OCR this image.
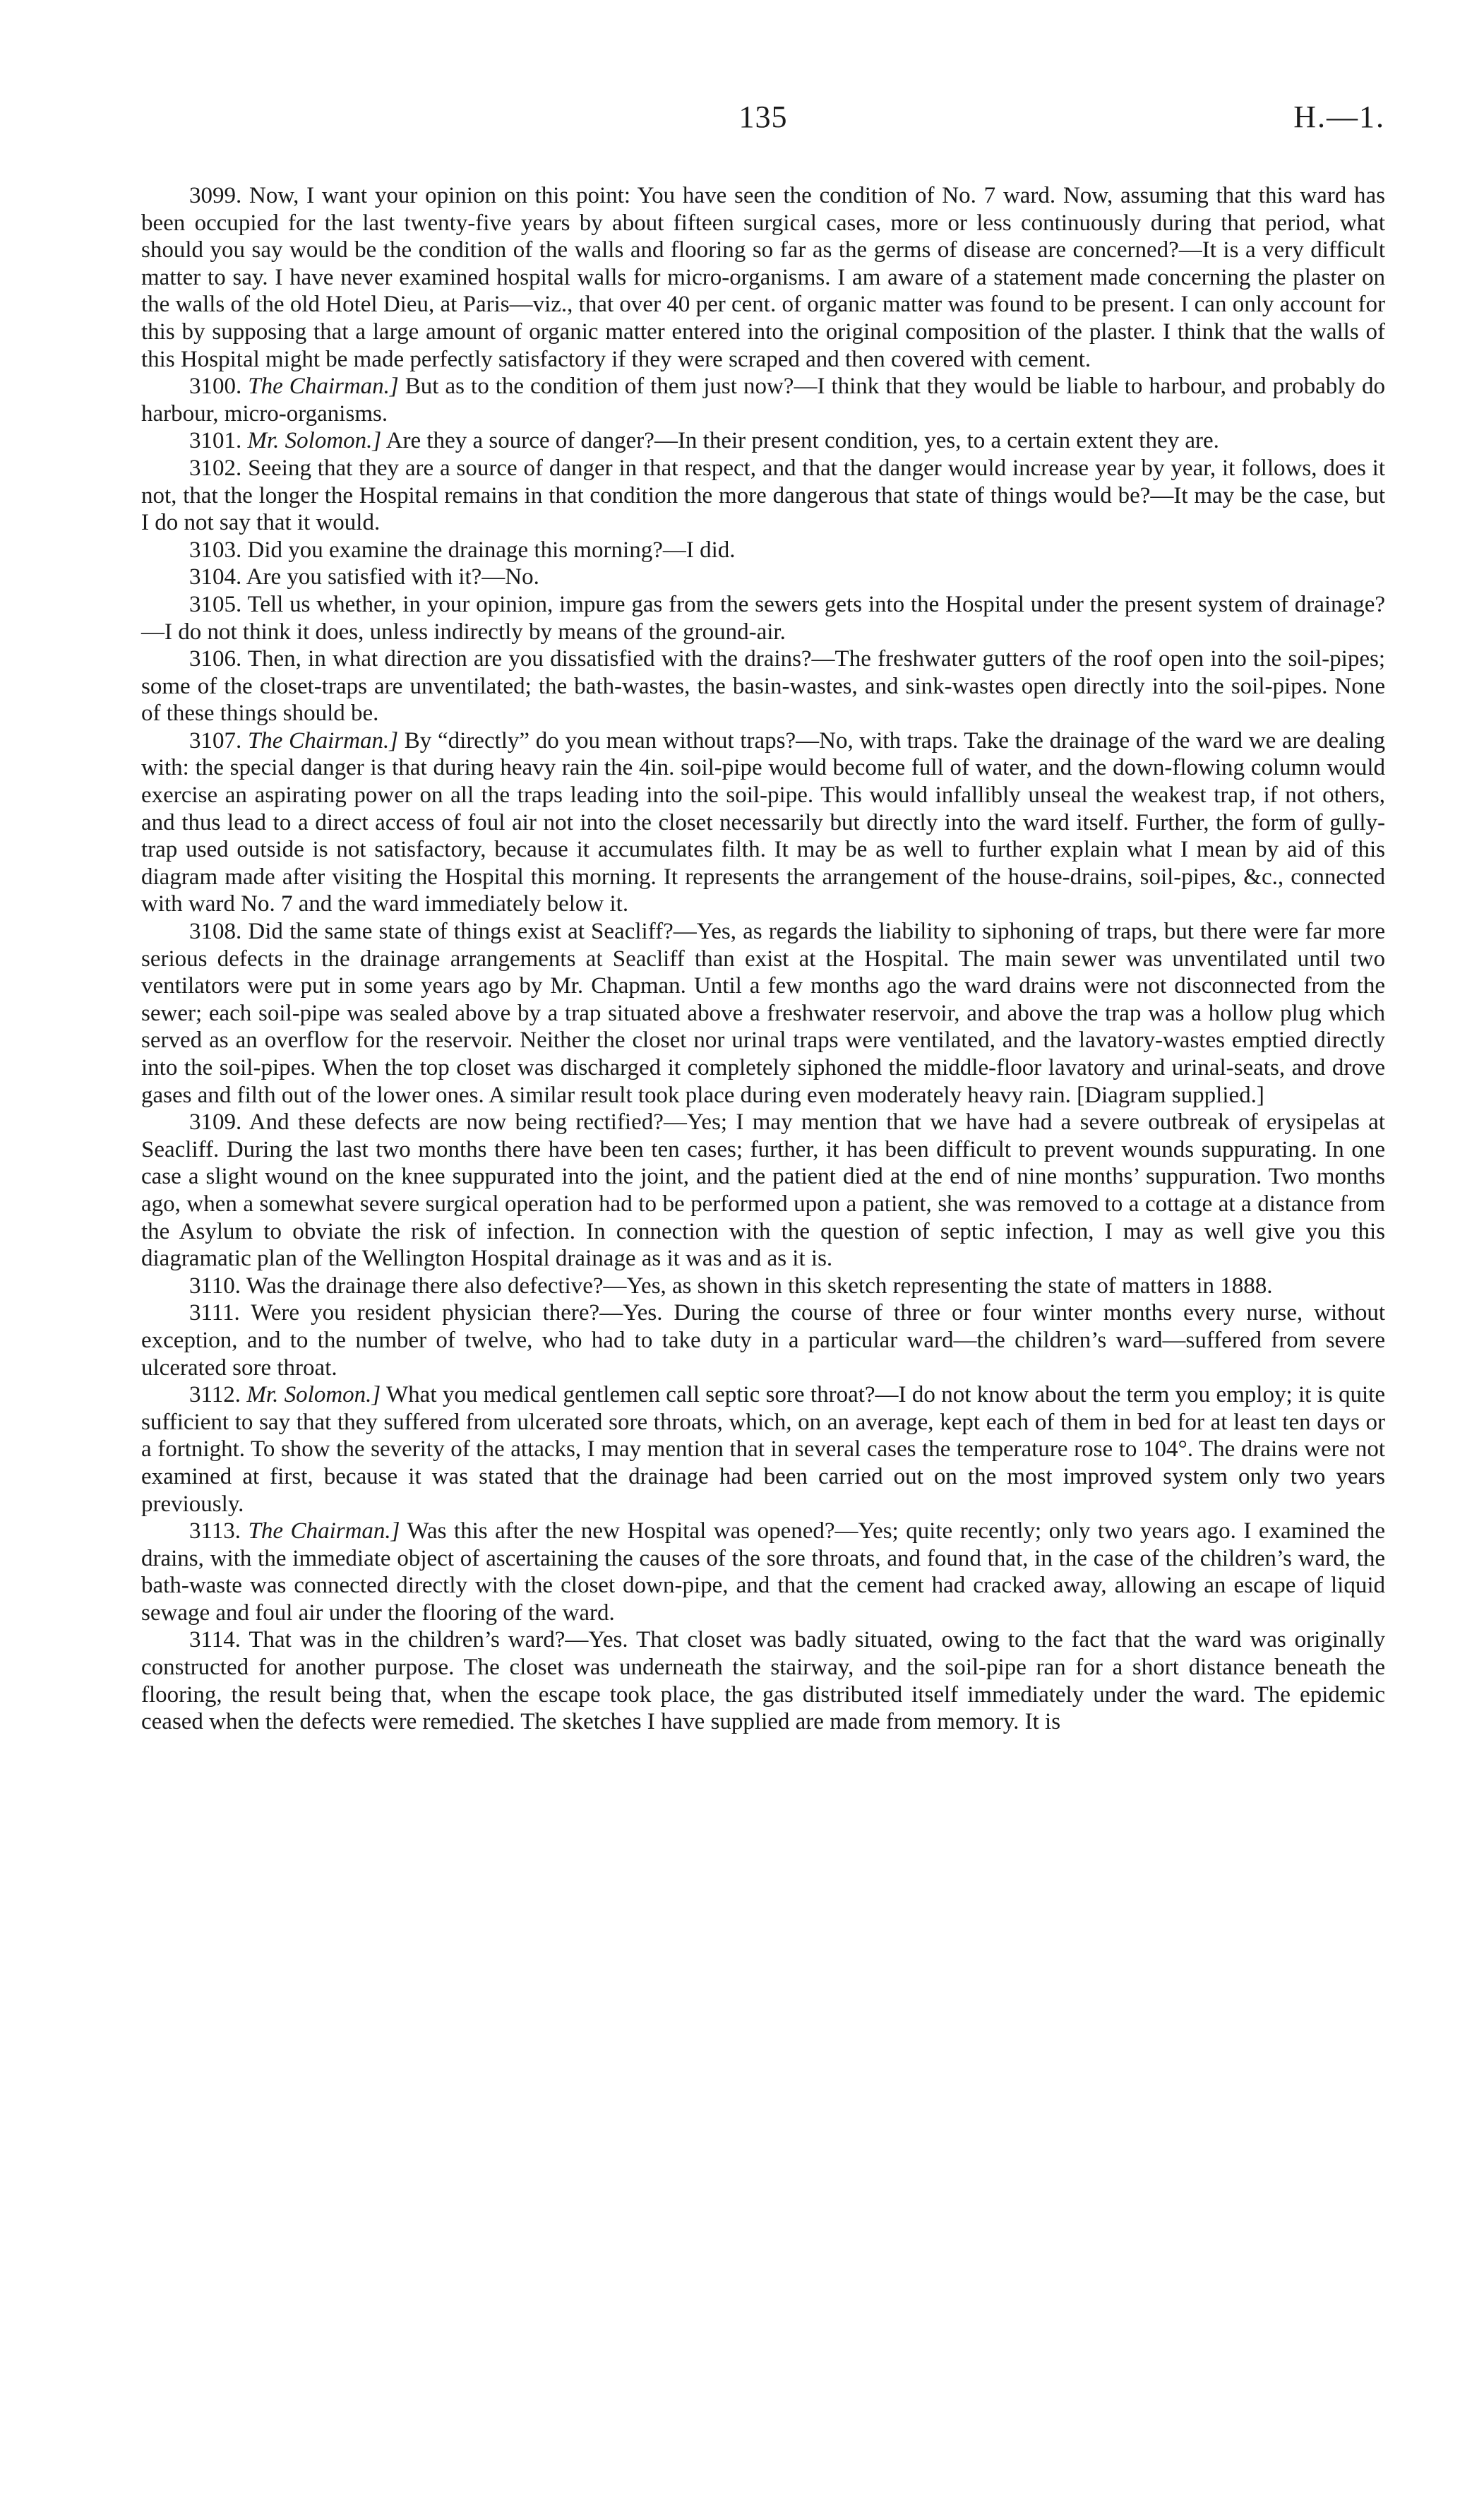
135	H.—1.

3099. Now, I want your opinion on this point: You have seen the condition of No. 7 ward. Now, assuming that this ward has been occupied for the last twenty-five years by about fifteen surgical cases, more or less continuously during that period, what should you say would be the condition of the walls and flooring so far as the germs of disease are concerned?—It is a very difficult matter to say. I have never examined hospital walls for micro-organisms. I am aware of a statement made concerning the plaster on the walls of the old Hotel Dieu, at Paris—viz., that over 40 per cent. of organic matter was found to be present. I can only account for this by supposing that a large amount of organic matter entered into the original composition of the plaster. I think that the walls of this Hospital might be made perfectly satisfactory if they were scraped and then covered with cement.

3100. The Chairman.] But as to the condition of them just now?—I think that they would be liable to harbour, and probably do harbour, micro-organisms.

3101. Mr. Solomon.] Are they a source of danger?—In their present condition, yes, to a certain extent they are.

3102. Seeing that they are a source of danger in that respect, and that the danger would increase year by year, it follows, does it not, that the longer the Hospital remains in that condition the more dangerous that state of things would be?—It may be the case, but I do not say that it would.

3103. Did you examine the drainage this morning?—I did.

3104. Are you satisfied with it?—No.

3105. Tell us whether, in your opinion, impure gas from the sewers gets into the Hospital under the present system of drainage?—I do not think it does, unless indirectly by means of the ground-air.

3106. Then, in what direction are you dissatisfied with the drains?—The freshwater gutters of the roof open into the soil-pipes; some of the closet-traps are unventilated; the bath-wastes, the basin-wastes, and sink-wastes open directly into the soil-pipes. None of these things should be.

3107. The Chairman.] By “directly” do you mean without traps?—No, with traps. Take the drainage of the ward we are dealing with: the special danger is that during heavy rain the 4in. soil-pipe would become full of water, and the down-flowing column would exercise an aspirating power on all the traps leading into the soil-pipe. This would infallibly unseal the weakest trap, if not others, and thus lead to a direct access of foul air not into the closet necessarily but directly into the ward itself. Further, the form of gully-trap used outside is not satisfactory, because it accumulates filth. It may be as well to further explain what I mean by aid of this diagram made after visiting the Hospital this morning. It represents the arrangement of the house-drains, soil-pipes, &c., connected with ward No. 7 and the ward immediately below it.

3108. Did the same state of things exist at Seacliff?—Yes, as regards the liability to siphoning of traps, but there were far more serious defects in the drainage arrangements at Seacliff than exist at the Hospital. The main sewer was unventilated until two ventilators were put in some years ago by Mr. Chapman. Until a few months ago the ward drains were not disconnected from the sewer; each soil-pipe was sealed above by a trap situated above a freshwater reservoir, and above the trap was a hollow plug which served as an overflow for the reservoir. Neither the closet nor urinal traps were ventilated, and the lavatory-wastes emptied directly into the soil-pipes. When the top closet was discharged it completely siphoned the middle-floor lavatory and urinal-seats, and drove gases and filth out of the lower ones. A similar result took place during even moderately heavy rain. [Diagram supplied.]

3109. And these defects are now being rectified?—Yes; I may mention that we have had a severe outbreak of erysipelas at Seacliff. During the last two months there have been ten cases; further, it has been difficult to prevent wounds suppurating. In one case a slight wound on the knee suppurated into the joint, and the patient died at the end of nine months’ suppuration. Two months ago, when a somewhat severe surgical operation had to be performed upon a patient, she was removed to a cottage at a distance from the Asylum to obviate the risk of infection. In connection with the question of septic infection, I may as well give you this diagramatic plan of the Wellington Hospital drainage as it was and as it is.

3110. Was the drainage there also defective?—Yes, as shown in this sketch representing the state of matters in 1888.

3111. Were you resident physician there?—Yes. During the course of three or four winter months every nurse, without exception, and to the number of twelve, who had to take duty in a particular ward—the children’s ward—suffered from severe ulcerated sore throat.

3112. Mr. Solomon.] What you medical gentlemen call septic sore throat?—I do not know about the term you employ; it is quite sufficient to say that they suffered from ulcerated sore throats, which, on an average, kept each of them in bed for at least ten days or a fortnight. To show the severity of the attacks, I may mention that in several cases the temperature rose to 104°. The drains were not examined at first, because it was stated that the drainage had been carried out on the most improved system only two years previously.

3113. The Chairman.] Was this after the new Hospital was opened?—Yes; quite recently; only two years ago. I examined the drains, with the immediate object of ascertaining the causes of the sore throats, and found that, in the case of the children’s ward, the bath-waste was connected directly with the closet down-pipe, and that the cement had cracked away, allowing an escape of liquid sewage and foul air under the flooring of the ward.

3114. That was in the children’s ward?—Yes. That closet was badly situated, owing to the fact that the ward was originally constructed for another purpose. The closet was underneath the stairway, and the soil-pipe ran for a short distance beneath the flooring, the result being that, when the escape took place, the gas distributed itself immediately under the ward. The epidemic ceased when the defects were remedied. The sketches I have supplied are made from memory. It is
